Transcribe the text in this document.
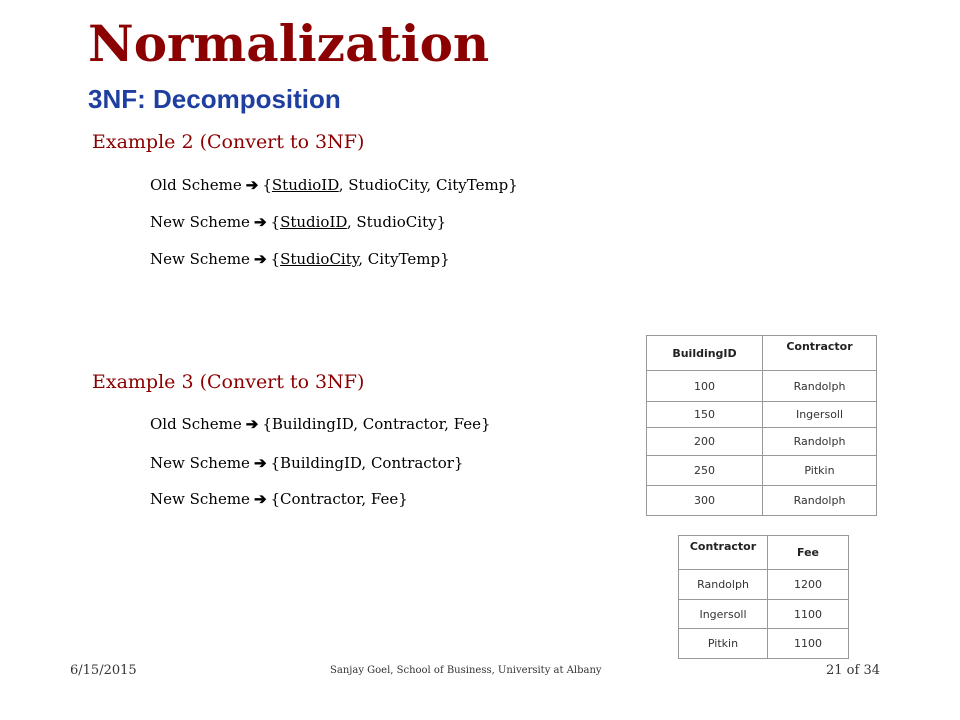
Normalization
3NF: Decomposition
Example 2 (Convert to 3NF)
Old Scheme ➔ {StudioID, StudioCity, CityTemp}
New Scheme ➔ {StudioID, StudioCity}
New Scheme ➔ {StudioCity, CityTemp}
Example 3 (Convert to 3NF)
Old Scheme ➔ {BuildingID, Contractor, Fee}
New Scheme ➔ {BuildingID, Contractor}
New Scheme ➔ {Contractor, Fee}
BuildingID	Contractor
100	Randolph
150	Ingersoll
200	Randolph
250	Pitkin
300	Randolph
Contractor	Fee
Randolph	1200
Ingersoll	1100
Pitkin	1100
6/15/2015	Sanjay Goel, School of Business, University at Albany	21 of 34
